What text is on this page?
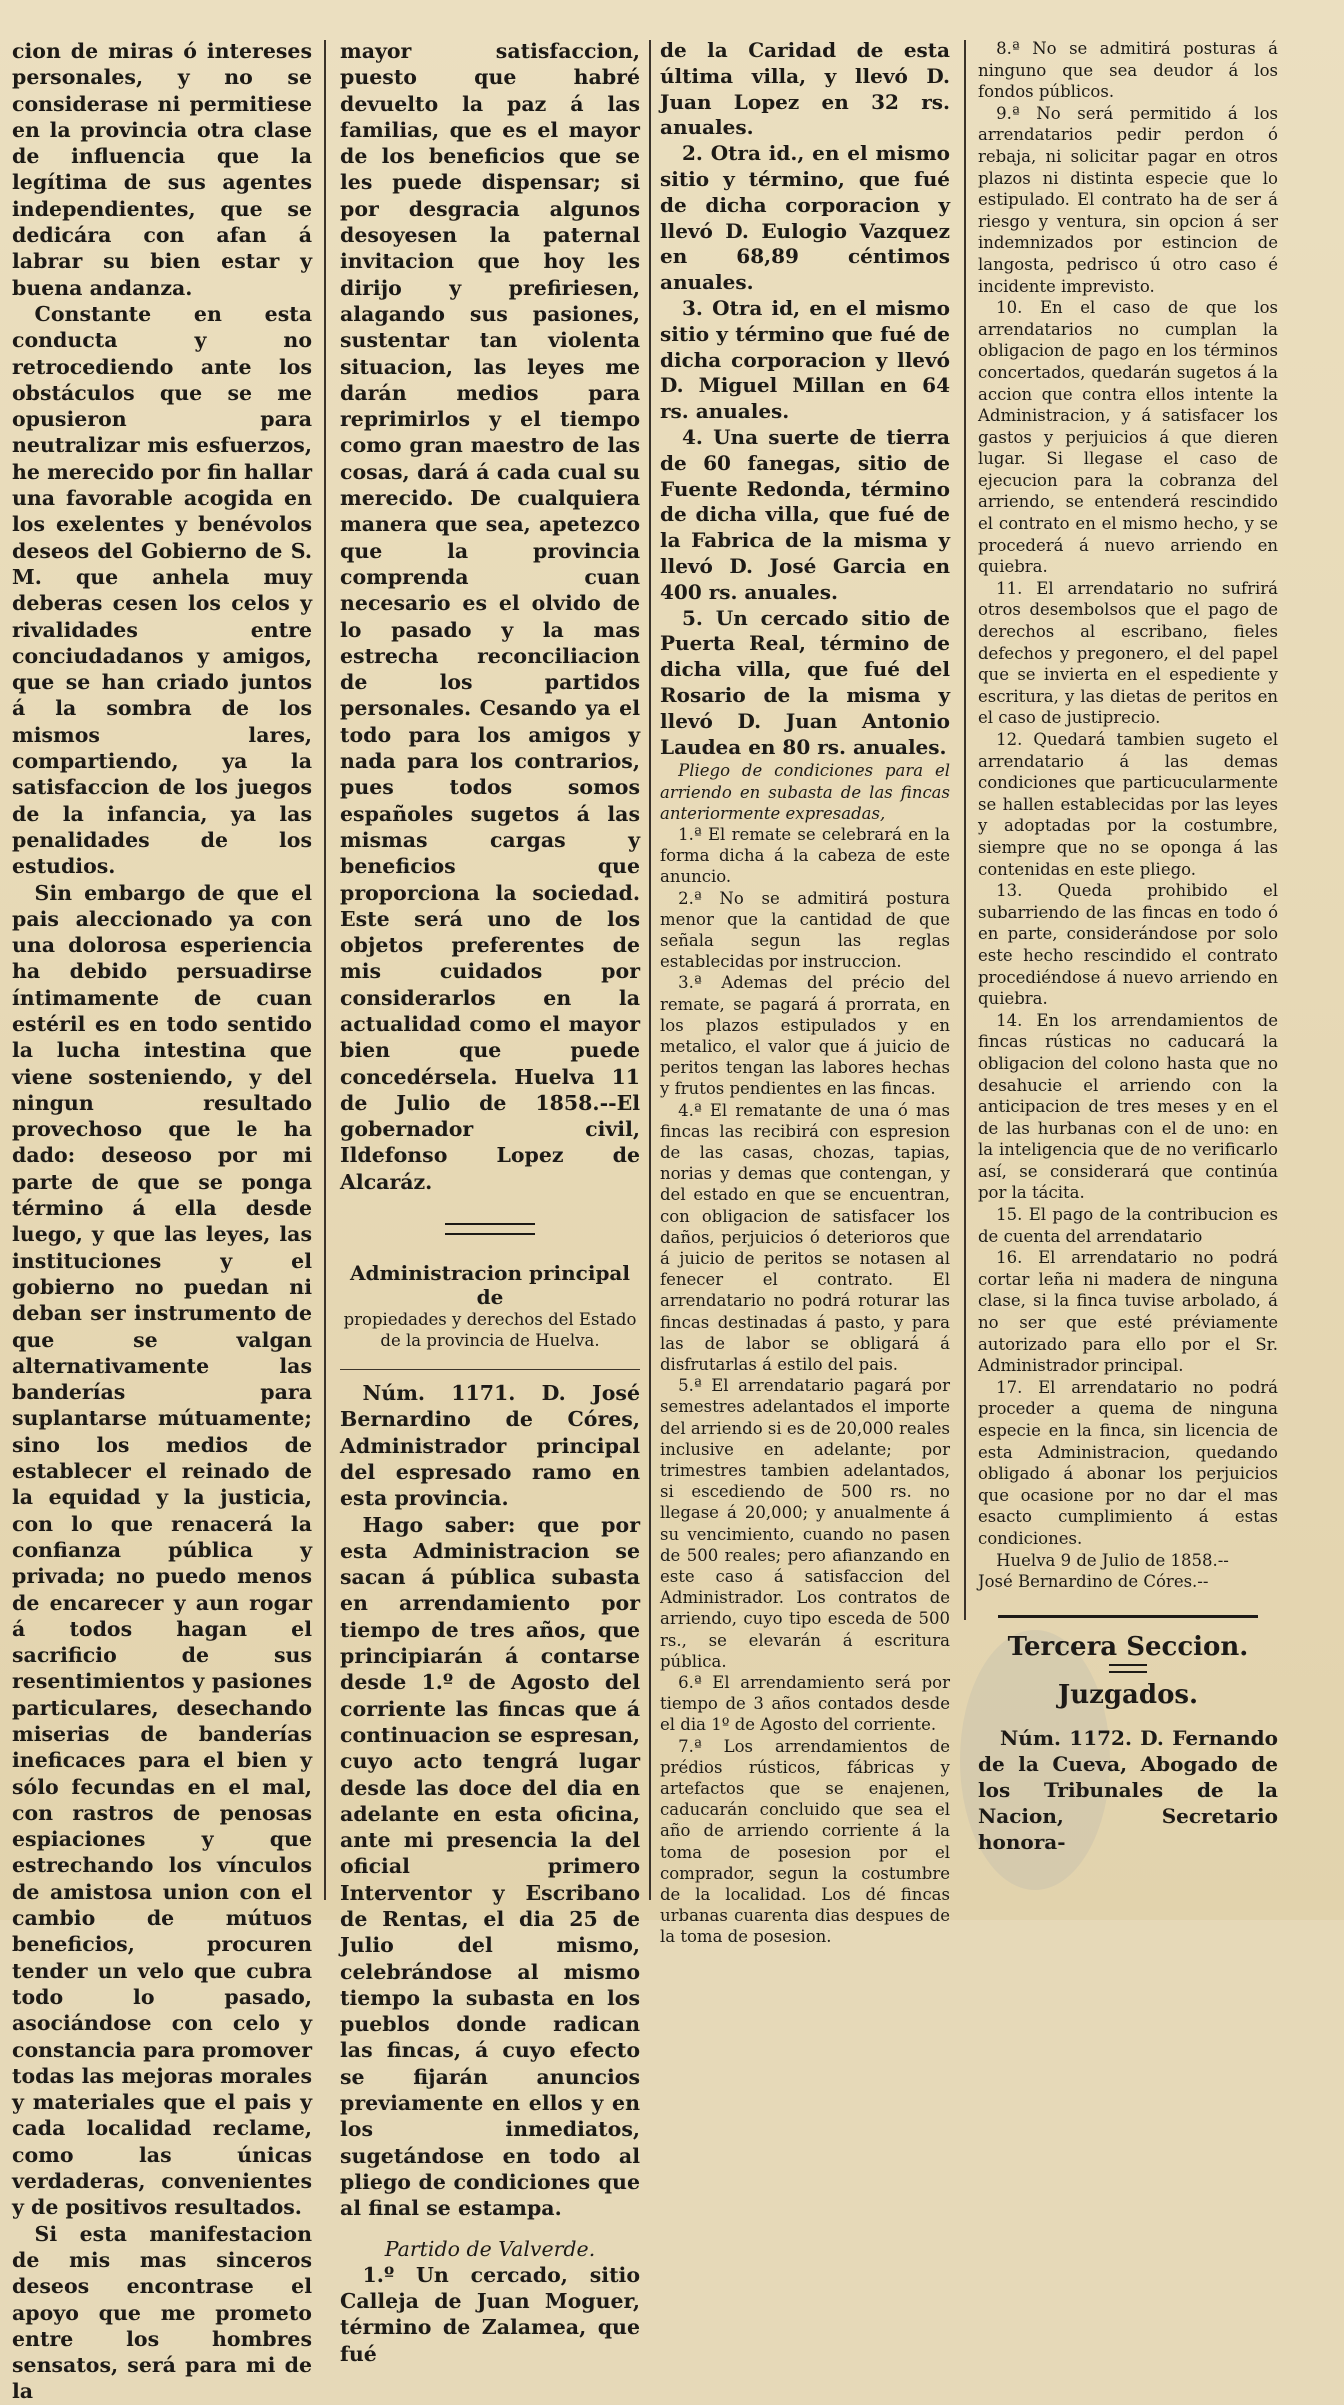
cion de miras ó intereses personales, y no se considerase ni permitiese en la provincia otra clase de influencia que la legítima de sus agentes independientes, que se dedicára con afan á labrar su bien estar y buena andanza.

Constante en esta conducta y no retrocediendo ante los obstáculos que se me opusieron para neutralizar mis esfuerzos, he merecido por fin hallar una favorable acogida en los exelentes y benévolos deseos del Gobierno de S. M. que anhela muy deberas cesen los celos y rivalidades entre conciudadanos y amigos, que se han criado juntos á la sombra de los mismos lares, compartiendo, ya la satisfaccion de los juegos de la infancia, ya las penalidades de los estudios.

Sin embargo de que el pais aleccionado ya con una dolorosa esperiencia ha debido persuadirse íntimamente de cuan estéril es en todo sentido la lucha intestina que viene sosteniendo, y del ningun resultado provechoso que le ha dado: deseoso por mi parte de que se ponga término á ella desde luego, y que las leyes, las instituciones y el gobierno no puedan ni deban ser instrumento de que se valgan alternativamente las banderías para suplantarse mútuamente; sino los medios de establecer el reinado de la equidad y la justicia, con lo que renacerá la confianza pública y privada; no puedo menos de encarecer y aun rogar á todos hagan el sacrificio de sus resentimientos y pasiones particulares, desechando miserias de banderías ineficaces para el bien y sólo fecundas en el mal, con rastros de penosas espiaciones y que estrechando los vínculos de amistosa union con el cambio de mútuos beneficios, procuren tender un velo que cubra todo lo pasado, asociándose con celo y constancia para promover todas las mejoras morales y materiales que el pais y cada localidad reclame, como las únicas verdaderas, convenientes y de positivos resultados.

Si esta manifestacion de mis mas sinceros deseos encontrase el apoyo que me prometo entre los hombres sensatos, será para mi de la

mayor satisfaccion, puesto que habré devuelto la paz á las familias, que es el mayor de los beneficios que se les puede dispensar; si por desgracia algunos desoyesen la paternal invitacion que hoy les dirijo y prefiriesen, alagando sus pasiones, sustentar tan violenta situacion, las leyes me darán medios para reprimirlos y el tiempo como gran maestro de las cosas, dará á cada cual su merecido. De cualquiera manera que sea, apetezco que la provincia comprenda cuan necesario es el olvido de lo pasado y la mas estrecha reconciliacion de los partidos personales. Cesando ya el todo para los amigos y nada para los contrarios, pues todos somos españoles sugetos á las mismas cargas y beneficios que proporciona la sociedad. Este será uno de los objetos preferentes de mis cuidados por considerarlos en la actualidad como el mayor bien que puede concedérsela. Huelva 11 de Julio de 1858.--El gobernador civil, Ildefonso Lopez de Alcaráz.

Administracion principal de
propiedades y derechos del Estado de la provincia de Huelva.

Núm. 1171. D. José Bernardino de Córes, Administrador principal del espresado ramo en esta provincia.

Hago saber: que por esta Administracion se sacan á pública subasta en arrendamiento por tiempo de tres años, que principiarán á contarse desde 1.º de Agosto del corriente las fincas que á continuacion se espresan, cuyo acto tengrá lugar desde las doce del dia en adelante en esta oficina, ante mi presencia la del oficial primero Interventor y Escribano de Rentas, el dia 25 de Julio del mismo, celebrándose al mismo tiempo la subasta en los pueblos donde radican las fincas, á cuyo efecto se fijarán anuncios previamente en ellos y en los inmediatos, sugetándose en todo al pliego de condiciones que al final se estampa.

Partido de Valverde.

1.º Un cercado, sitio Calleja de Juan Moguer, término de Zalamea, que fué

de la Caridad de esta última villa, y llevó D. Juan Lopez en 32 rs. anuales.

2. Otra id., en el mismo sitio y término, que fué de dicha corporacion y llevó D. Eulogio Vazquez en 68,89 céntimos anuales.

3. Otra id, en el mismo sitio y término que fué de dicha corporacion y llevó D. Miguel Millan en 64 rs. anuales.

4. Una suerte de tierra de 60 fanegas, sitio de Fuente Redonda, término de dicha villa, que fué de la Fabrica de la misma y llevó D. José Garcia en 400 rs. anuales.

5. Un cercado sitio de Puerta Real, término de dicha villa, que fué del Rosario de la misma y llevó D. Juan Antonio Laudea en 80 rs. anuales.

Pliego de condiciones para el arriendo en subasta de las fincas anteriormente expresadas,

1.ª El remate se celebrará en la forma dicha á la cabeza de este anuncio.

2.ª No se admitirá postura menor que la cantidad de que señala segun las reglas establecidas por instruccion.

3.ª Ademas del précio del remate, se pagará á prorrata, en los plazos estipulados y en metalico, el valor que á juicio de peritos tengan las labores hechas y frutos pendientes en las fincas.

4.ª El rematante de una ó mas fincas las recibirá con espresion de las casas, chozas, tapias, norias y demas que contengan, y del estado en que se encuentran, con obligacion de satisfacer los daños, perjuicios ó deterioros que á juicio de peritos se notasen al fenecer el contrato. El arrendatario no podrá roturar las fincas destinadas á pasto, y para las de labor se obligará á disfrutarlas á estilo del pais.

5.ª El arrendatario pagará por semestres adelantados el importe del arriendo si es de 20,000 reales inclusive en adelante; por trimestres tambien adelantados, si escediendo de 500 rs. no llegase á 20,000; y anualmente á su vencimiento, cuando no pasen de 500 reales; pero afianzando en este caso á satisfaccion del Administrador. Los contratos de arriendo, cuyo tipo esceda de 500 rs., se elevarán á escritura pública.

6.ª El arrendamiento será por tiempo de 3 años contados desde el dia 1º de Agosto del corriente.

7.ª Los arrendamientos de prédios rústicos, fábricas y artefactos que se enajenen, caducarán concluido que sea el año de arriendo corriente á la toma de posesion por el comprador, segun la costumbre de la localidad. Los dé fincas urbanas cuarenta dias despues de la toma de posesion.

8.ª No se admitirá posturas á ninguno que sea deudor á los fondos públicos.

9.ª No será permitido á los arrendatarios pedir perdon ó rebaja, ni solicitar pagar en otros plazos ni distinta especie que lo estipulado. El contrato ha de ser á riesgo y ventura, sin opcion á ser indemnizados por estincion de langosta, pedrisco ú otro caso é incidente imprevisto.

10. En el caso de que los arrendatarios no cumplan la obligacion de pago en los términos concertados, quedarán sugetos á la accion que contra ellos intente la Administracion, y á satisfacer los gastos y perjuicios á que dieren lugar. Si llegase el caso de ejecucion para la cobranza del arriendo, se entenderá rescindido el contrato en el mismo hecho, y se procederá á nuevo arriendo en quiebra.

11. El arrendatario no sufrirá otros desembolsos que el pago de derechos al escribano, fieles defechos y pregonero, el del papel que se invierta en el espediente y escritura, y las dietas de peritos en el caso de justiprecio.

12. Quedará tambien sugeto el arrendatario á las demas condiciones que particucularmente se hallen establecidas por las leyes y adoptadas por la costumbre, siempre que no se oponga á las contenidas en este pliego.

13. Queda prohibido el subarriendo de las fincas en todo ó en parte, considerándose por solo este hecho rescindido el contrato procediéndose á nuevo arriendo en quiebra.

14. En los arrendamientos de fincas rústicas no caducará la obligacion del colono hasta que no desahucie el arriendo con la anticipacion de tres meses y en el de las hurbanas con el de uno: en la inteligencia que de no verificarlo así, se considerará que continúa por la tácita.

15. El pago de la contribucion es de cuenta del arrendatario

16. El arrendatario no podrá cortar leña ni madera de ninguna clase, si la finca tuvise arbolado, á no ser que esté préviamente autorizado para ello por el Sr. Administrador principal.

17. El arrendatario no podrá proceder a quema de ninguna especie en la finca, sin licencia de esta Administracion, quedando obligado á abonar los perjuicios que ocasione por no dar el mas esacto cumplimiento á estas condiciones.

Huelva 9 de Julio de 1858.--

José Bernardino de Córes.--

Tercera Seccion.
Juzgados.

Núm. 1172. D. Fernando de la Cueva, Abogado de los Tribunales de la Nacion, Secretario honora-
